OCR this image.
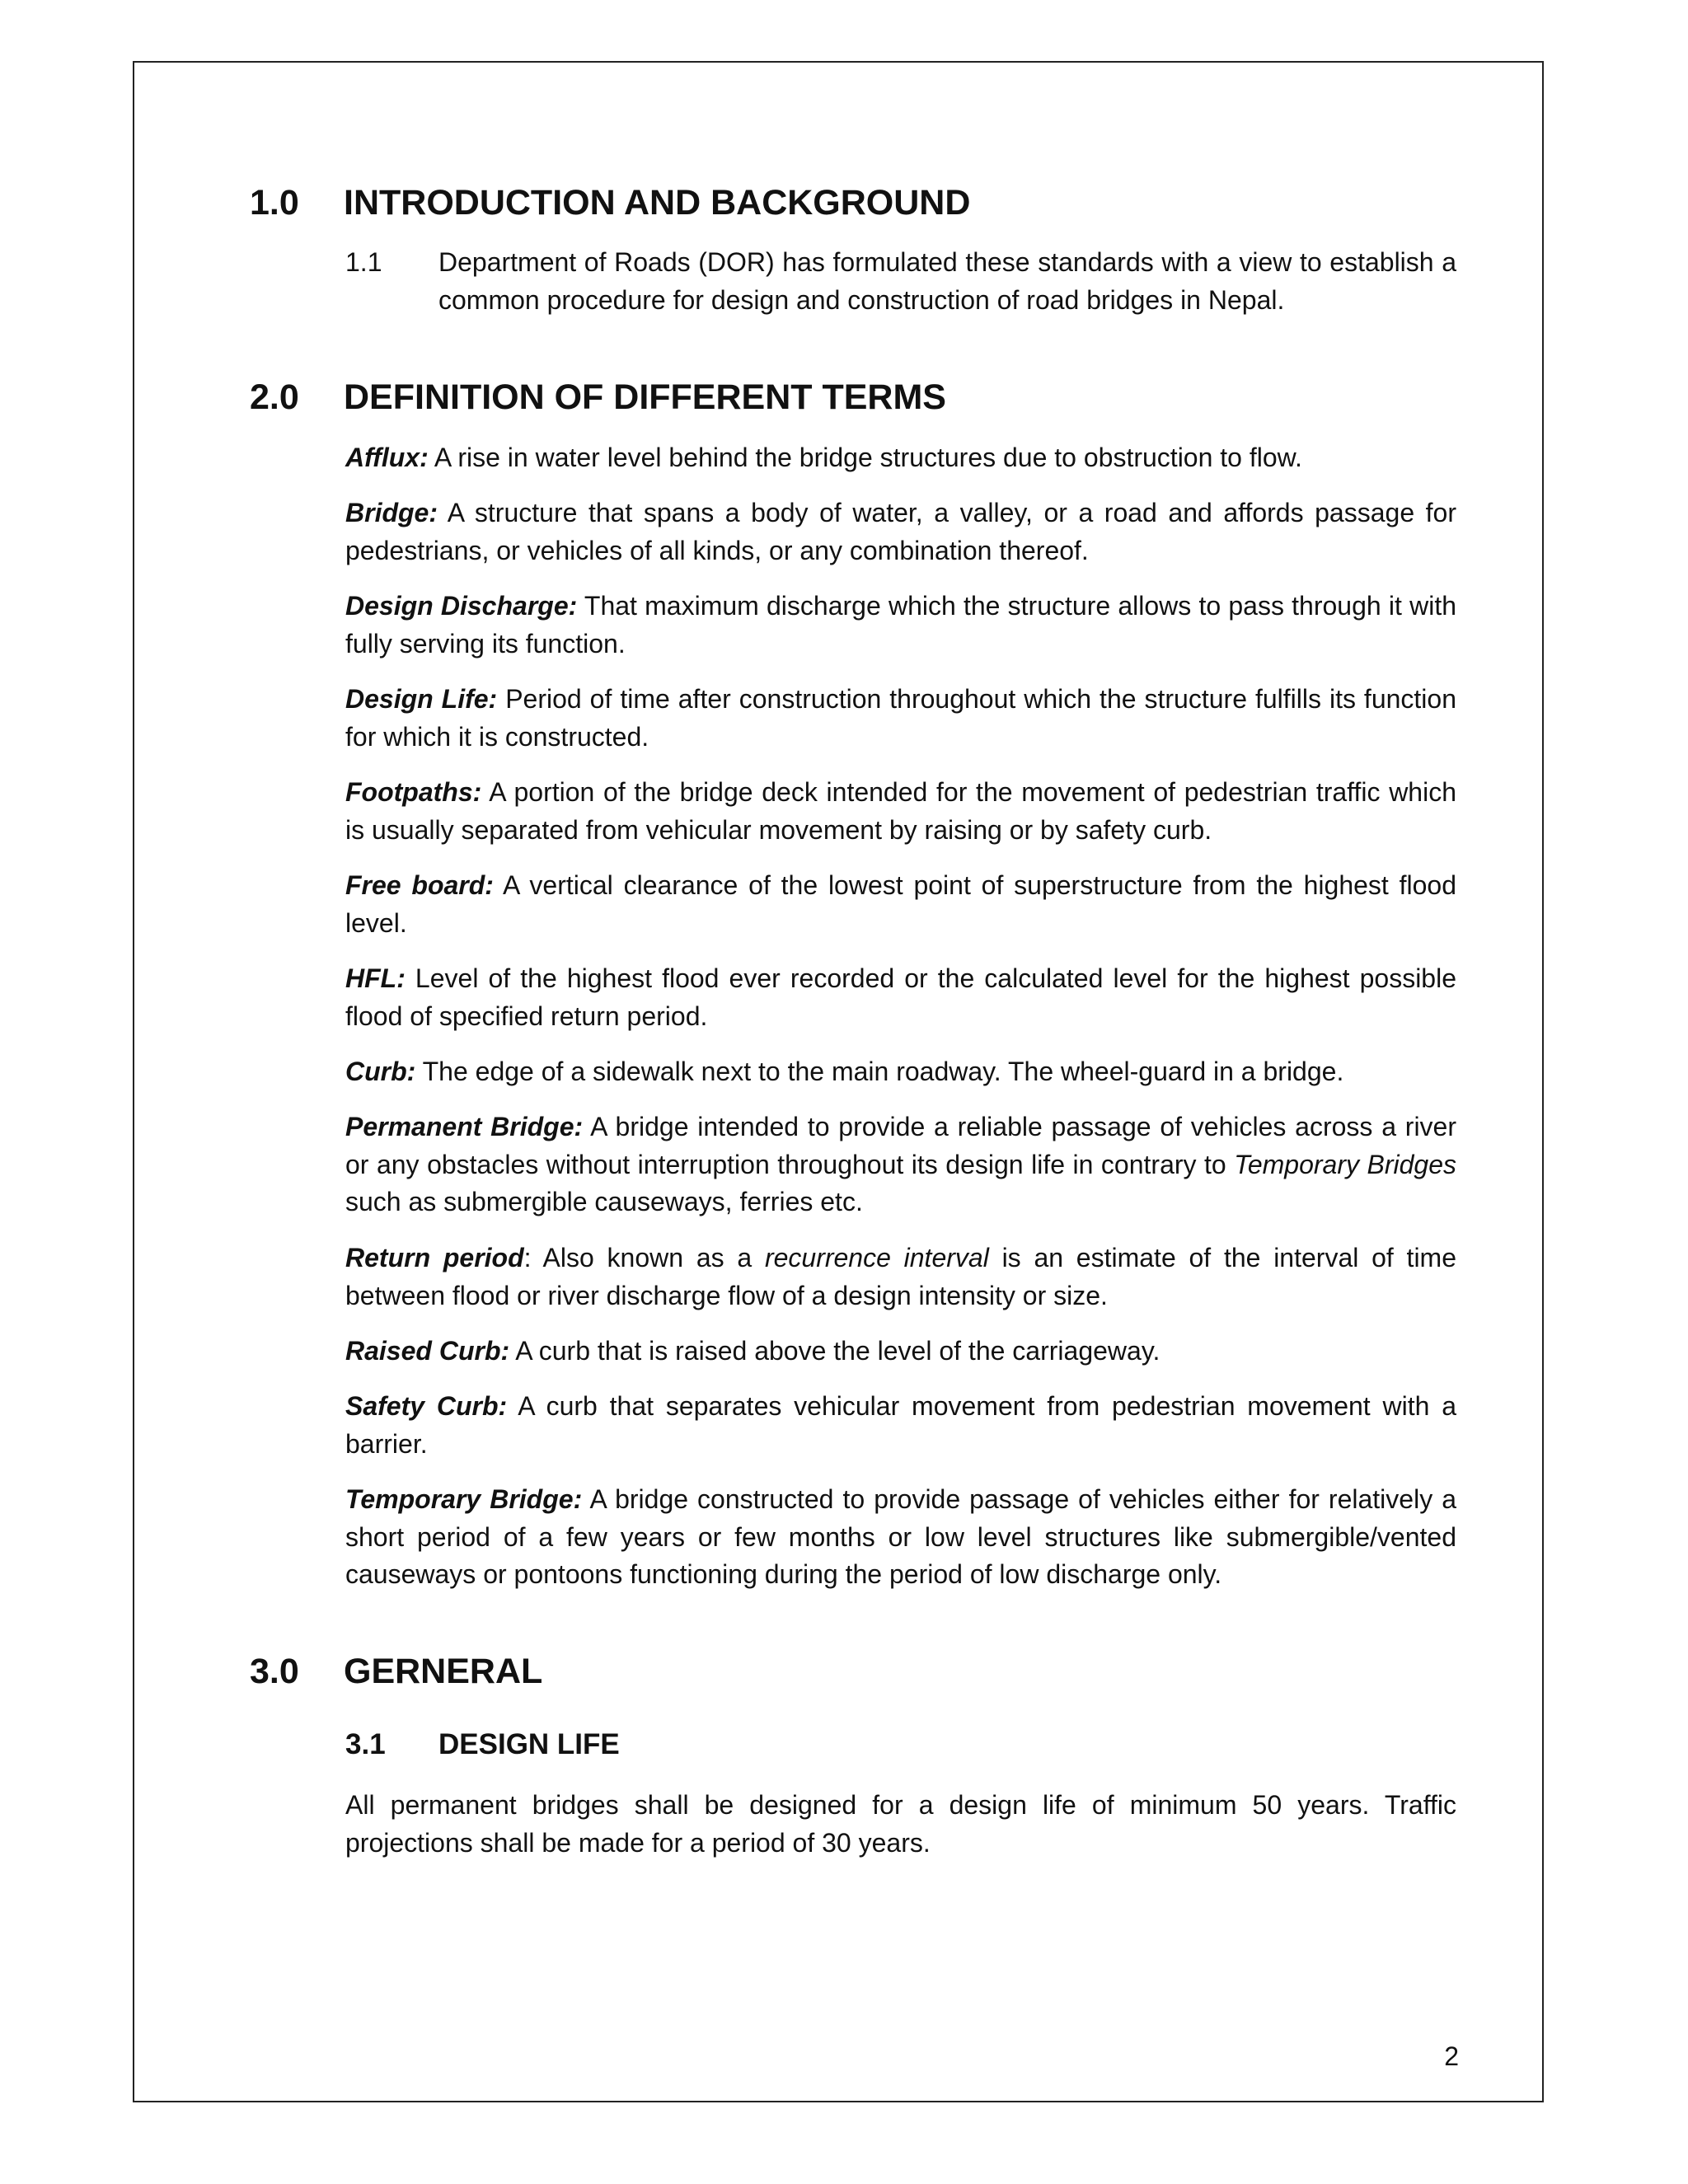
1.0 INTRODUCTION AND BACKGROUND
1.1 Department of Roads (DOR) has formulated these standards with a view to establish a common procedure for design and construction of road bridges in Nepal.
2.0 DEFINITION OF DIFFERENT TERMS

Afflux: A rise in water level behind the bridge structures due to obstruction to flow.

Bridge: A structure that spans a body of water, a valley, or a road and affords passage for pedestrians, or vehicles of all kinds, or any combination thereof.

Design Discharge: That maximum discharge which the structure allows to pass through it with fully serving its function.

Design Life: Period of time after construction throughout which the structure fulfills its function for which it is constructed.

Footpaths: A portion of the bridge deck intended for the movement of pedestrian traffic which is usually separated from vehicular movement by raising or by safety curb.

Free board: A vertical clearance of the lowest point of superstructure from the highest flood level.

HFL: Level of the highest flood ever recorded or the calculated level for the highest possible flood of specified return period.

Curb: The edge of a sidewalk next to the main roadway. The wheel-guard in a bridge.

Permanent Bridge: A bridge intended to provide a reliable passage of vehicles across a river or any obstacles without interruption throughout its design life in contrary to Temporary Bridges such as submergible causeways, ferries etc.

Return period: Also known as a recurrence interval is an estimate of the interval of time between flood or river discharge flow of a design intensity or size.

Raised Curb: A curb that is raised above the level of the carriageway.

Safety Curb: A curb that separates vehicular movement from pedestrian movement with a barrier.

Temporary Bridge: A bridge constructed to provide passage of vehicles either for relatively a short period of a few years or few months or low level structures like submergible/vented causeways or pontoons functioning during the period of low discharge only.

3.0 GERNERAL
3.1 DESIGN LIFE

All permanent bridges shall be designed for a design life of minimum 50 years. Traffic projections shall be made for a period of 30 years.

2
